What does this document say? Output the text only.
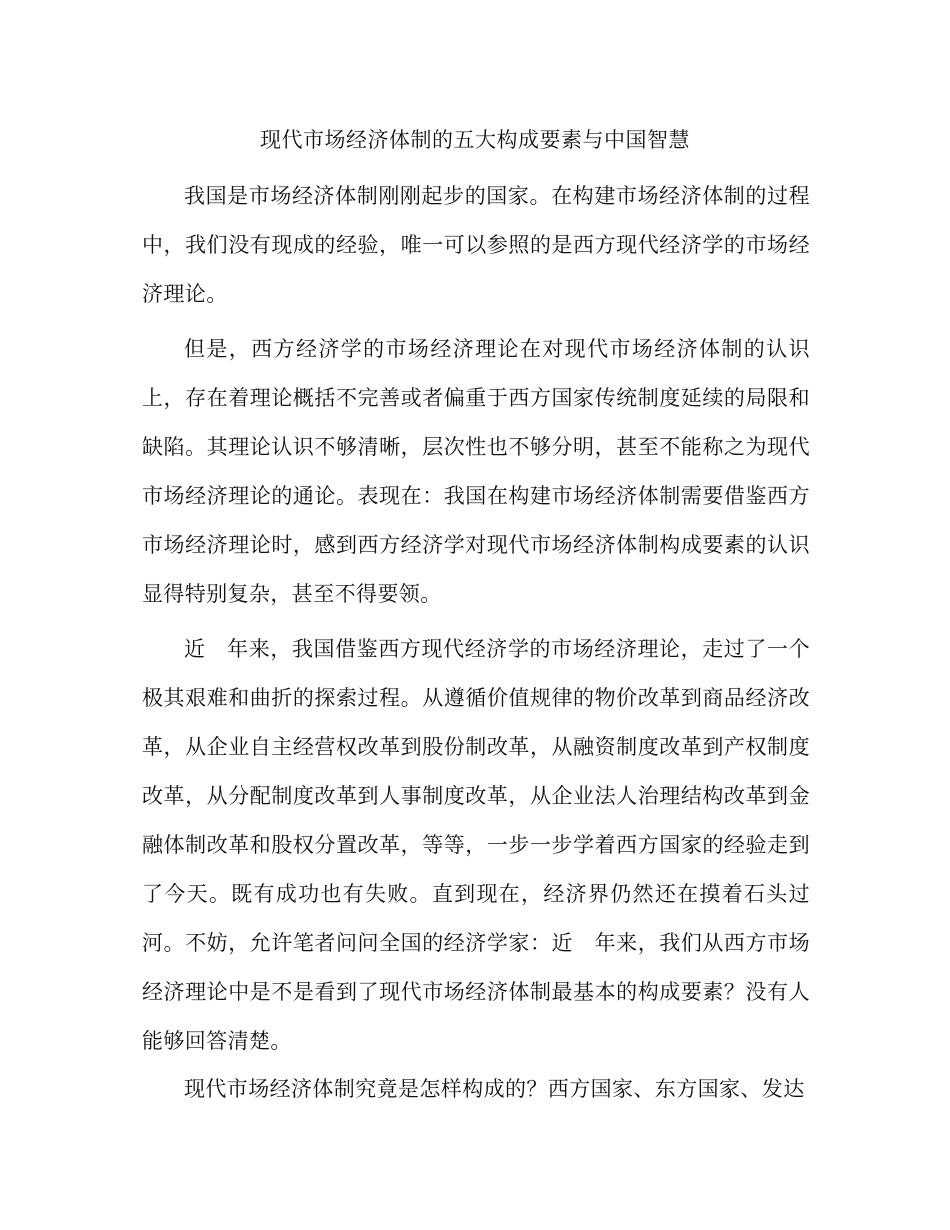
现代市场经济体制的五大构成要素与中国智慧

我国是市场经济体制刚刚起步的国家。在构建市场经济体制的过程中，我们没有现成的经验，唯一可以参照的是西方现代经济学的市场经济理论。

但是，西方经济学的市场经济理论在对现代市场经济体制的认识上，存在着理论概括不完善或者偏重于西方国家传统制度延续的局限和缺陷。其理论认识不够清晰，层次性也不够分明，甚至不能称之为现代市场经济理论的通论。表现在：我国在构建市场经济体制需要借鉴西方市场经济理论时，感到西方经济学对现代市场经济体制构成要素的认识显得特别复杂，甚至不得要领。

近　年来，我国借鉴西方现代经济学的市场经济理论，走过了一个极其艰难和曲折的探索过程。从遵循价值规律的物价改革到商品经济改革，从企业自主经营权改革到股份制改革，从融资制度改革到产权制度改革，从分配制度改革到人事制度改革，从企业法人治理结构改革到金融体制改革和股权分置改革，等等，一步一步学着西方国家的经验走到了今天。既有成功也有失败。直到现在，经济界仍然还在摸着石头过河。不妨，允许笔者问问全国的经济学家：近　年来，我们从西方市场经济理论中是不是看到了现代市场经济体制最基本的构成要素？没有人能够回答清楚。

现代市场经济体制究竟是怎样构成的？西方国家、东方国家、发达
